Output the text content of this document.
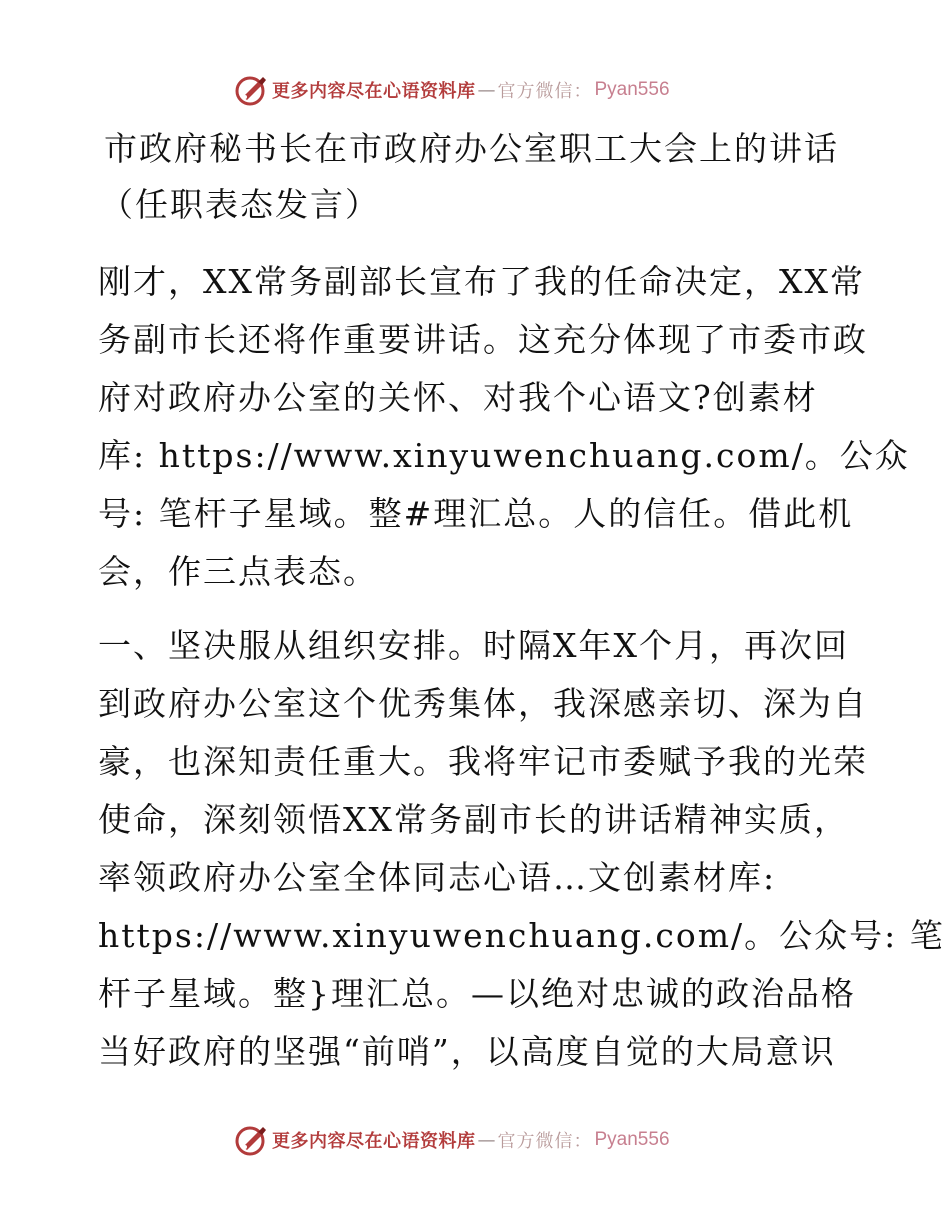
更多内容尽在心语资料库 — 官方微信： Pyan556
市政府秘书长在市政府办公室职工大会上的讲话
（任职表态发言）
刚才，XX常务副部长宣布了我的任命决定，XX常
务副市长还将作重要讲话。这充分体现了市委市政
府对政府办公室的关怀、对我个心语文?创素材
库: https://www.xinyuwenchuang.com/。公众
号: 笔杆子星域。整#理汇总。人的信任。借此机
会，作三点表态。
一、坚决服从组织安排。时隔X年X个月，再次回
到政府办公室这个优秀集体，我深感亲切、深为自
豪，也深知责任重大。我将牢记市委赋予我的光荣
使命，深刻领悟XX常务副市长的讲话精神实质，
率领政府办公室全体同志心语…文创素材库:
https://www.xinyuwenchuang.com/。公众号: 笔
杆子星域。整}理汇总。—以绝对忠诚的政治品格
当好政府的坚强“前哨”，以高度自觉的大局意识
更多内容尽在心语资料库 — 官方微信： Pyan556
